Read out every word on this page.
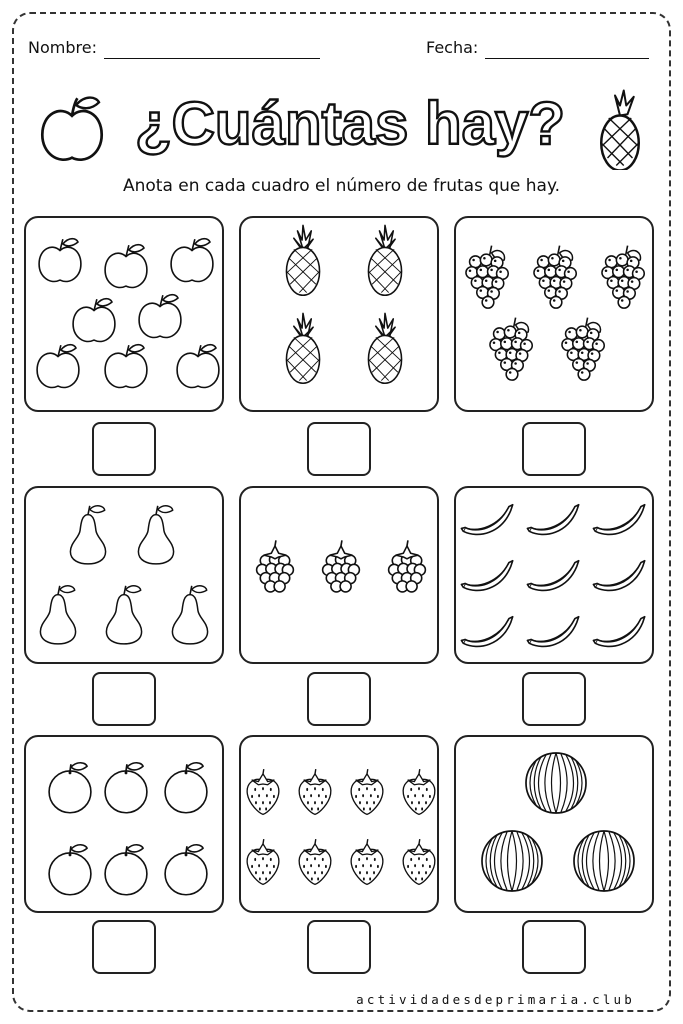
Nombre:	Fecha:
¿Cuántas hay?
Anota en cada cuadro el número de frutas que hay.
actividadesdeprimaria.club
